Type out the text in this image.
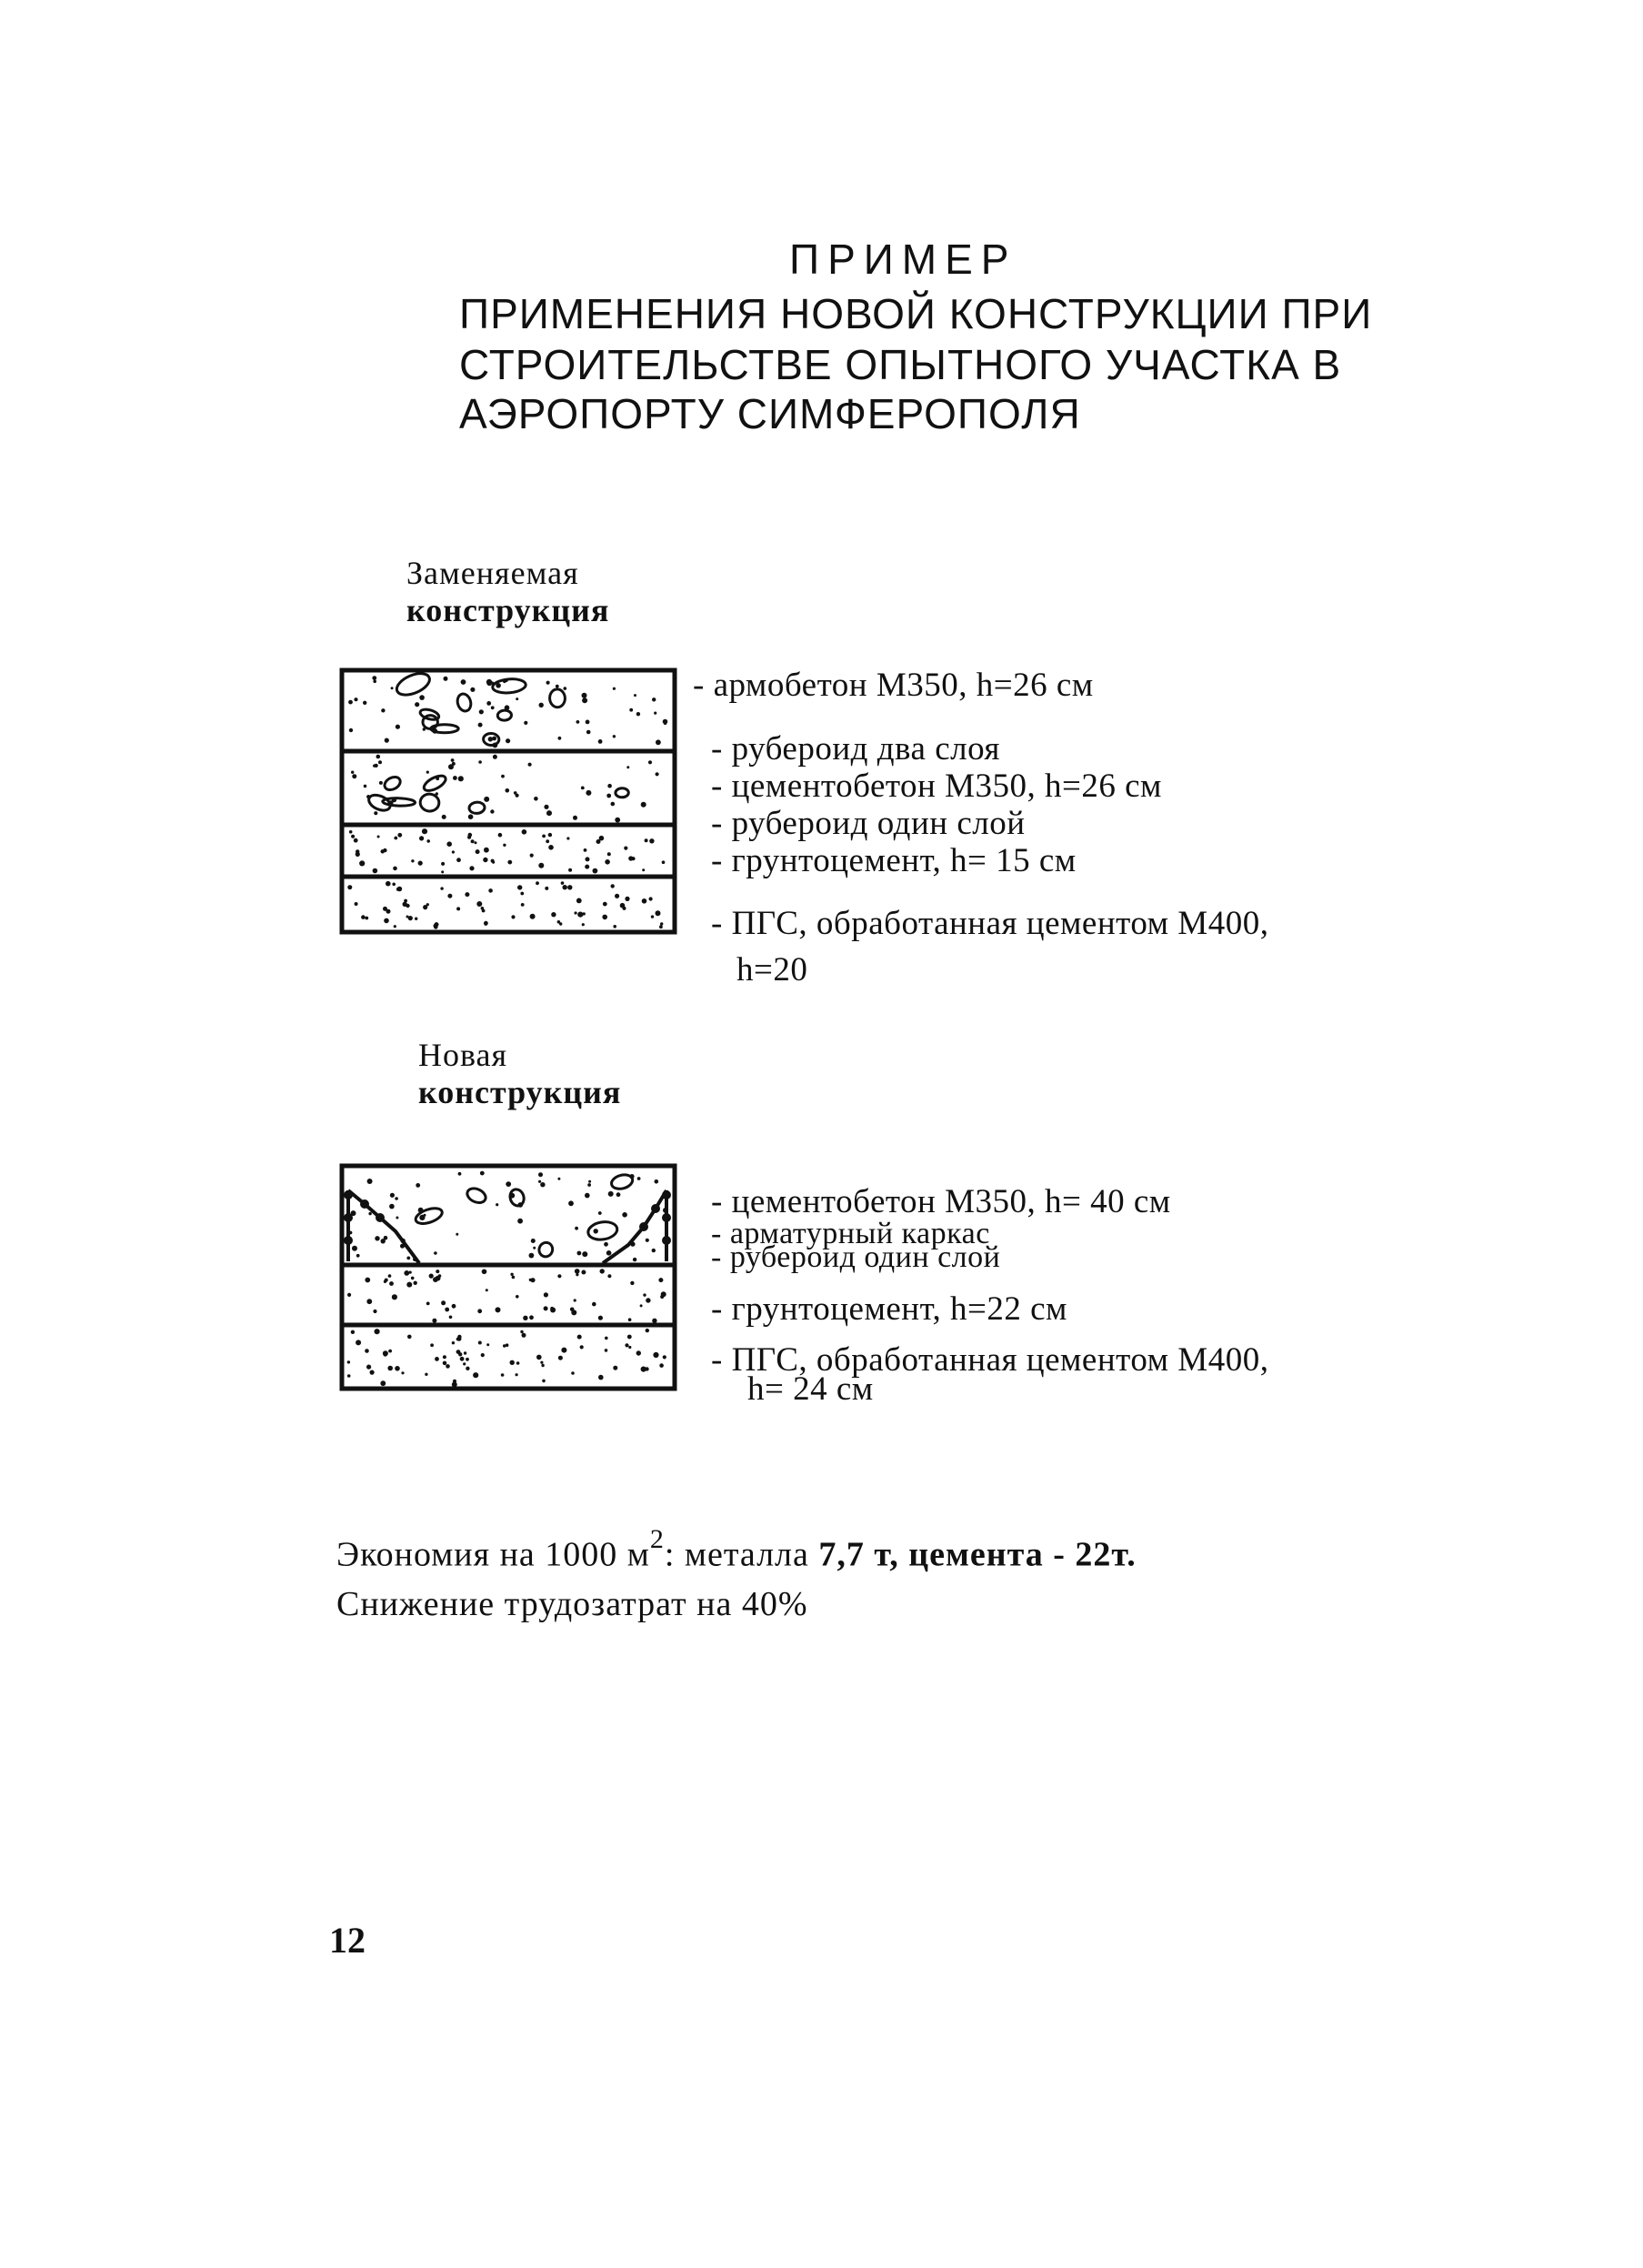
ПРИМЕР
ПРИМЕНЕНИЯ НОВОЙ КОНСТРУКЦИИ ПРИ
СТРОИТЕЛЬСТВЕ ОПЫТНОГО УЧАСТКА В
АЭРОПОРТУ СИМФЕРОПОЛЯ
Заменяемая
конструкция
- армобетон М350, h=26 см
- рубероид два слоя
- цементобетон М350, h=26 см
- рубероид один слой
- грунтоцемент, h= 15 см
- ПГС, обработанная цементом М400,
h=20
Новая
конструкция
- цементобетон М350, h= 40 см
- арматурный каркас
- рубероид один слой
- грунтоцемент, h=22 см
- ПГС, обработанная цементом М400,
h= 24 см
Экономия на 1000 $м^2$: металла 7,7 т, цемента - 22т.
Снижение трудозатрат на 40%
12
